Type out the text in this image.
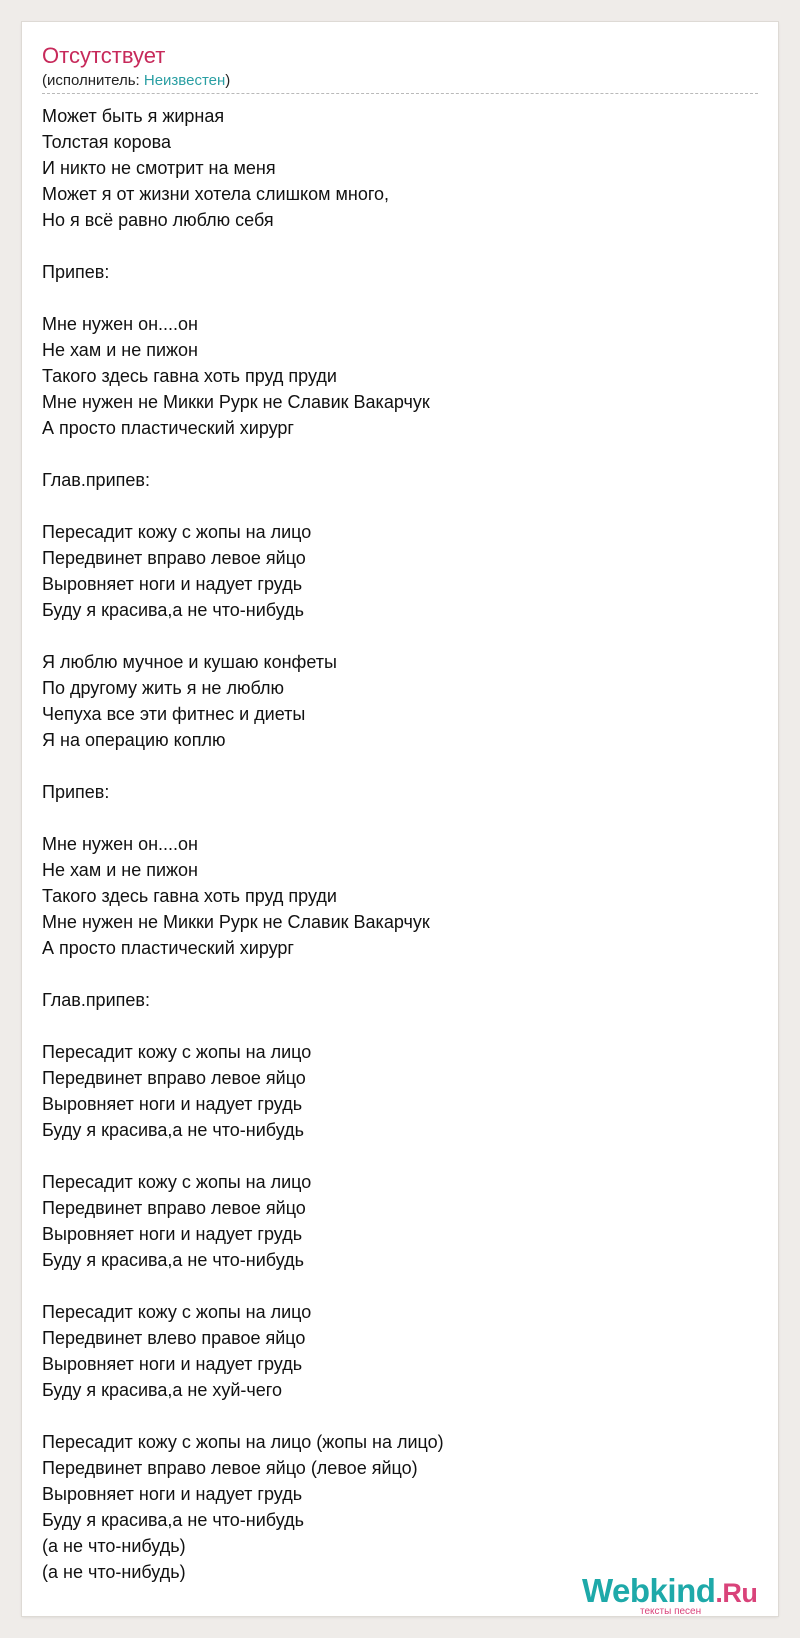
Отсутствует
(исполнитель: Неизвестен)
Может быть я жирная
Толстая корова
И никто не смотрит на меня
Может я от жизни хотела слишком много,
Но я всё равно люблю себя
Припев:
Мне нужен он....он
Не хам и не пижон
Такого здесь гавна хоть пруд пруди
Мне нужен не Микки Рурк не Славик Вакарчук
А просто пластический хирург
Глав.припев:
Пересадит кожу с жопы на лицо
Передвинет вправо левое яйцо
Выровняет ноги и надует грудь
Буду я красива,а не что-нибудь
Я люблю мучное и кушаю конфеты
По другому жить я не люблю
Чепуха все эти фитнес и диеты
Я на операцию коплю
Припев:
Мне нужен он....он
Не хам и не пижон
Такого здесь гавна хоть пруд пруди
Мне нужен не Микки Рурк не Славик Вакарчук
А просто пластический хирург
Глав.припев:
Пересадит кожу с жопы на лицо
Передвинет вправо левое яйцо
Выровняет ноги и надует грудь
Буду я красива,а не что-нибудь
Пересадит кожу с жопы на лицо
Передвинет вправо левое яйцо
Выровняет ноги и надует грудь
Буду я красива,а не что-нибудь
Пересадит кожу с жопы на лицо
Передвинет влево правое яйцо
Выровняет ноги и надует грудь
Буду я красива,а не хуй-чего
Пересадит кожу с жопы на лицо (жопы на лицо)
Передвинет вправо левое яйцо (левое яйцо)
Выровняет ноги и надует грудь
Буду я красива,а не что-нибудь
(а не что-нибудь)
(а не что-нибудь)	Webkind.Ru
тексты песен
